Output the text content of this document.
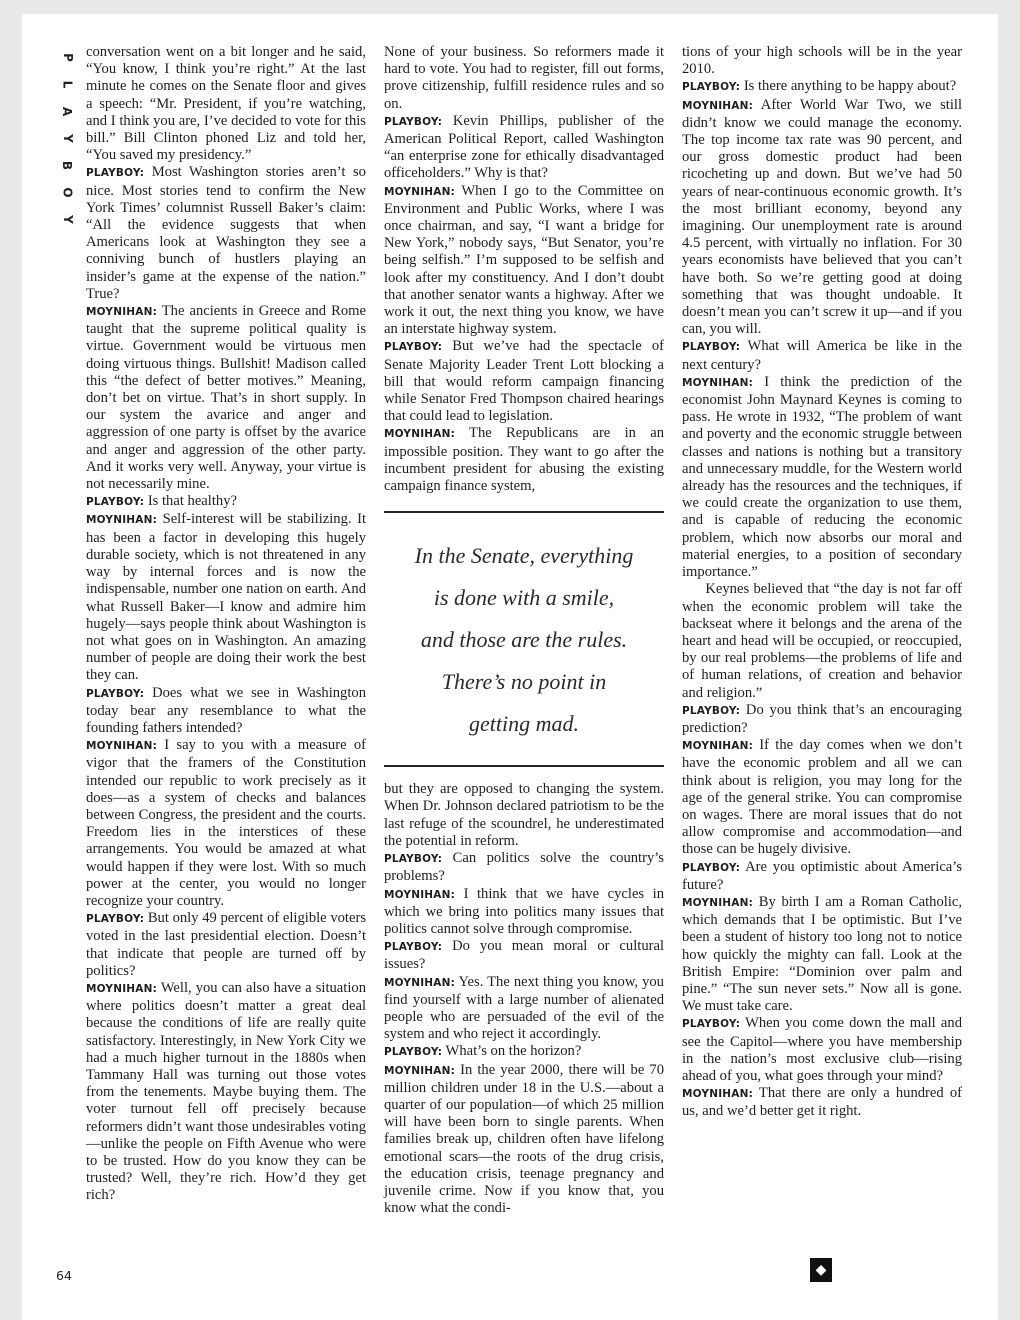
P
L
A
Y
B
O
Y

conversation went on a bit longer and he said, “You know, I think you’re right.” At the last minute he comes on the Senate floor and gives a speech: “Mr. President, if you’re watching, and I think you are, I’ve decided to vote for this bill.” Bill Clinton phoned Liz and told her, “You saved my presidency.”

PLAYBOY: Most Washington stories aren’t so nice. Most stories tend to confirm the New York Times’ columnist Russell Baker’s claim: “All the evidence suggests that when Americans look at Washington they see a conniving bunch of hustlers playing an insider’s game at the expense of the nation.” True?

MOYNIHAN: The ancients in Greece and Rome taught that the supreme political quality is virtue. Government would be virtuous men doing virtuous things. Bullshit! Madison called this “the defect of better motives.” Meaning, don’t bet on virtue. That’s in short supply. In our system the avarice and anger and aggression of one party is offset by the avarice and anger and aggression of the other party. And it works very well. Anyway, your virtue is not necessarily mine.

PLAYBOY: Is that healthy?

MOYNIHAN: Self-interest will be stabilizing. It has been a factor in developing this hugely durable society, which is not threatened in any way by internal forces and is now the indispensable, number one nation on earth. And what Russell Baker—I know and admire him hugely—says people think about Washington is not what goes on in Washington. An amazing number of people are doing their work the best they can.

PLAYBOY: Does what we see in Washington today bear any resemblance to what the founding fathers intended?

MOYNIHAN: I say to you with a measure of vigor that the framers of the Constitution intended our republic to work precisely as it does—as a system of checks and balances between Congress, the president and the courts. Freedom lies in the interstices of these arrangements. You would be amazed at what would happen if they were lost. With so much power at the center, you would no longer recognize your country.

PLAYBOY: But only 49 percent of eligible voters voted in the last presidential election. Doesn’t that indicate that people are turned off by politics?

MOYNIHAN: Well, you can also have a situation where politics doesn’t matter a great deal because the conditions of life are really quite satisfactory. Interestingly, in New York City we had a much higher turnout in the 1880s when Tammany Hall was turning out those votes from the tenements. Maybe buying them. The voter turnout fell off precisely because reformers didn’t want those undesirables voting—unlike the people on Fifth Avenue who were to be trusted. How do you know they can be trusted? Well, they’re rich. How’d they get rich?

None of your business. So reformers made it hard to vote. You had to register, fill out forms, prove citizenship, fulfill residence rules and so on.

PLAYBOY: Kevin Phillips, publisher of the American Political Report, called Washington “an enterprise zone for ethically disadvantaged officeholders.” Why is that?

MOYNIHAN: When I go to the Committee on Environment and Public Works, where I was once chairman, and say, “I want a bridge for New York,” nobody says, “But Senator, you’re being selfish.” I’m supposed to be selfish and look after my constituency. And I don’t doubt that another senator wants a highway. After we work it out, the next thing you know, we have an interstate highway system.

PLAYBOY: But we’ve had the spectacle of Senate Majority Leader Trent Lott blocking a bill that would reform campaign financing while Senator Fred Thompson chaired hearings that could lead to legislation.

MOYNIHAN: The Republicans are in an impossible position. They want to go after the incumbent president for abusing the existing campaign finance system,

In the Senate, everything

is done with a smile,

and those are the rules.

There’s no point in

getting mad.

but they are opposed to changing the system. When Dr. Johnson declared patriotism to be the last refuge of the scoundrel, he underestimated the potential in reform.

PLAYBOY: Can politics solve the country’s problems?

MOYNIHAN: I think that we have cycles in which we bring into politics many issues that politics cannot solve through compromise.

PLAYBOY: Do you mean moral or cultural issues?

MOYNIHAN: Yes. The next thing you know, you find yourself with a large number of alienated people who are persuaded of the evil of the system and who reject it accordingly.

PLAYBOY: What’s on the horizon?

MOYNIHAN: In the year 2000, there will be 70 million children under 18 in the U.S.—about a quarter of our population—of which 25 million will have been born to single parents. When families break up, children often have lifelong emotional scars—the roots of the drug crisis, the education crisis, teenage pregnancy and juvenile crime. Now if you know that, you know what the condi-

tions of your high schools will be in the year 2010.

PLAYBOY: Is there anything to be happy about?

MOYNIHAN: After World War Two, we still didn’t know we could manage the economy. The top income tax rate was 90 percent, and our gross domestic product had been ricocheting up and down. But we’ve had 50 years of near-continuous economic growth. It’s the most brilliant economy, beyond any imagining. Our unemployment rate is around 4.5 percent, with virtually no inflation. For 30 years economists have believed that you can’t have both. So we’re getting good at doing something that was thought undoable. It doesn’t mean you can’t screw it up—and if you can, you will.

PLAYBOY: What will America be like in the next century?

MOYNIHAN: I think the prediction of the economist John Maynard Keynes is coming to pass. He wrote in 1932, “The problem of want and poverty and the economic struggle between classes and nations is nothing but a transitory and unnecessary muddle, for the Western world already has the resources and the techniques, if we could create the organization to use them, and is capable of reducing the economic problem, which now absorbs our moral and material energies, to a position of secondary importance.”

Keynes believed that “the day is not far off when the economic problem will take the backseat where it belongs and the arena of the heart and head will be occupied, or reoccupied, by our real problems—the problems of life and of human relations, of creation and behavior and religion.”

PLAYBOY: Do you think that’s an encouraging prediction?

MOYNIHAN: If the day comes when we don’t have the economic problem and all we can think about is religion, you may long for the age of the general strike. You can compromise on wages. There are moral issues that do not allow compromise and accommodation—and those can be hugely divisive.

PLAYBOY: Are you optimistic about America’s future?

MOYNIHAN: By birth I am a Roman Catholic, which demands that I be optimistic. But I’ve been a student of history too long not to notice how quickly the mighty can fall. Look at the British Empire: “Dominion over palm and pine.” “The sun never sets.” Now all is gone. We must take care.

PLAYBOY: When you come down the mall and see the Capitol—where you have membership in the nation’s most exclusive club—rising ahead of you, what goes through your mind?

MOYNIHAN: That there are only a hundred of us, and we’d better get it right.

64	◆
